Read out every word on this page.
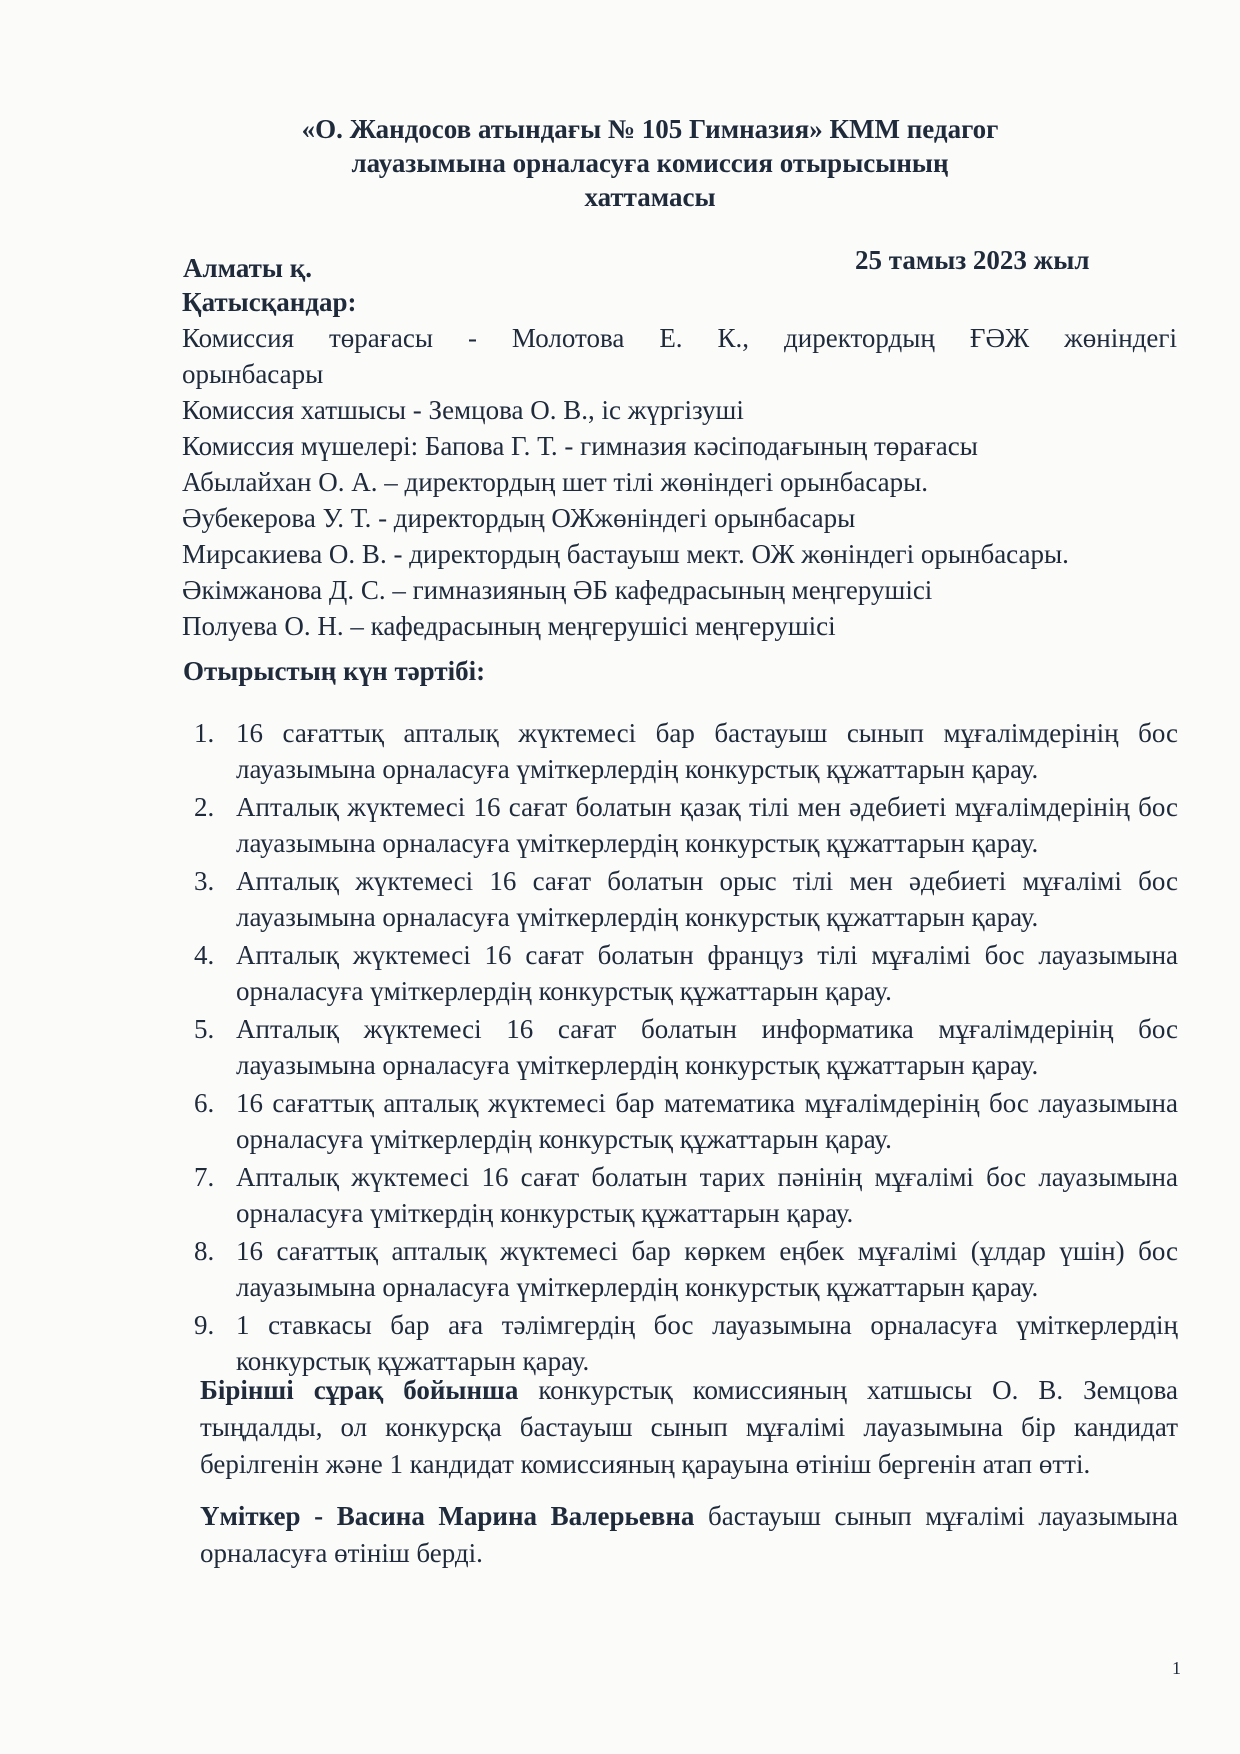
«О. Жандосов атындағы № 105 Гимназия» КММ педагог
лауазымына орналасуға комиссия отырысының
хаттамасы
Алматы қ.	25 тамыз 2023 жыл
Қатысқандар:
Комиссия төрағасы - Молотова Е. К., директордың ҒӘЖ жөніндегі
орынбасары
Комиссия хатшысы - Земцова О. В., іс жүргізуші
Комиссия мүшелері: Бапова Г. Т. - гимназия кәсіподағының төрағасы
Абылайхан О. А. – директордың шет тілі жөніндегі орынбасары.
Әубекерова У. Т. - директордың ОЖжөніндегі орынбасары
Мирсакиева О. В. - директордың бастауыш мект. ОЖ жөніндегі орынбасары.
Әкімжанова Д. С. – гимназияның ӘБ кафедрасының меңгерушісі
Полуева О. Н. – кафедрасының меңгерушісі меңгерушісі
Отырыстың күн тәртібі:
1. 16 сағаттық апталық жүктемесі бар бастауыш сынып мұғалімдерінің бос лауазымына орналасуға үміткерлердің конкурстық құжаттарын қарау.
2. Апталық жүктемесі 16 сағат болатын қазақ тілі мен әдебиеті мұғалімдерінің бос лауазымына орналасуға үміткерлердің конкурстық құжаттарын қарау.
3. Апталық жүктемесі 16 сағат болатын орыс тілі мен әдебиеті мұғалімі бос лауазымына орналасуға үміткерлердің конкурстық құжаттарын қарау.
4. Апталық жүктемесі 16 сағат болатын француз тілі мұғалімі бос лауазымына орналасуға үміткерлердің конкурстық құжаттарын қарау.
5. Апталық жүктемесі 16 сағат болатын информатика мұғалімдерінің бос лауазымына орналасуға үміткерлердің конкурстық құжаттарын қарау.
6. 16 сағаттық апталық жүктемесі бар математика мұғалімдерінің бос лауазымына орналасуға үміткерлердің конкурстық құжаттарын қарау.
7. Апталық жүктемесі 16 сағат болатын тарих пәнінің мұғалімі бос лауазымына орналасуға үміткердің конкурстық құжаттарын қарау.
8. 16 сағаттық апталық жүктемесі бар көркем еңбек мұғалімі (ұлдар үшін) бос лауазымына орналасуға үміткерлердің конкурстық құжаттарын қарау.
9. 1 ставкасы бар аға тәлімгердің бос лауазымына орналасуға үміткерлердің конкурстық құжаттарын қарау.
Бірінші сұрақ бойынша конкурстық комиссияның хатшысы О. В. Земцова тыңдалды, ол конкурсқа бастауыш сынып мұғалімі лауазымына бір кандидат берілгенін және 1 кандидат комиссияның қарауына өтініш бергенін атап өтті.
Үміткер - Васина Марина Валерьевна бастауыш сынып мұғалімі лауазымына орналасуға өтініш берді.
1
